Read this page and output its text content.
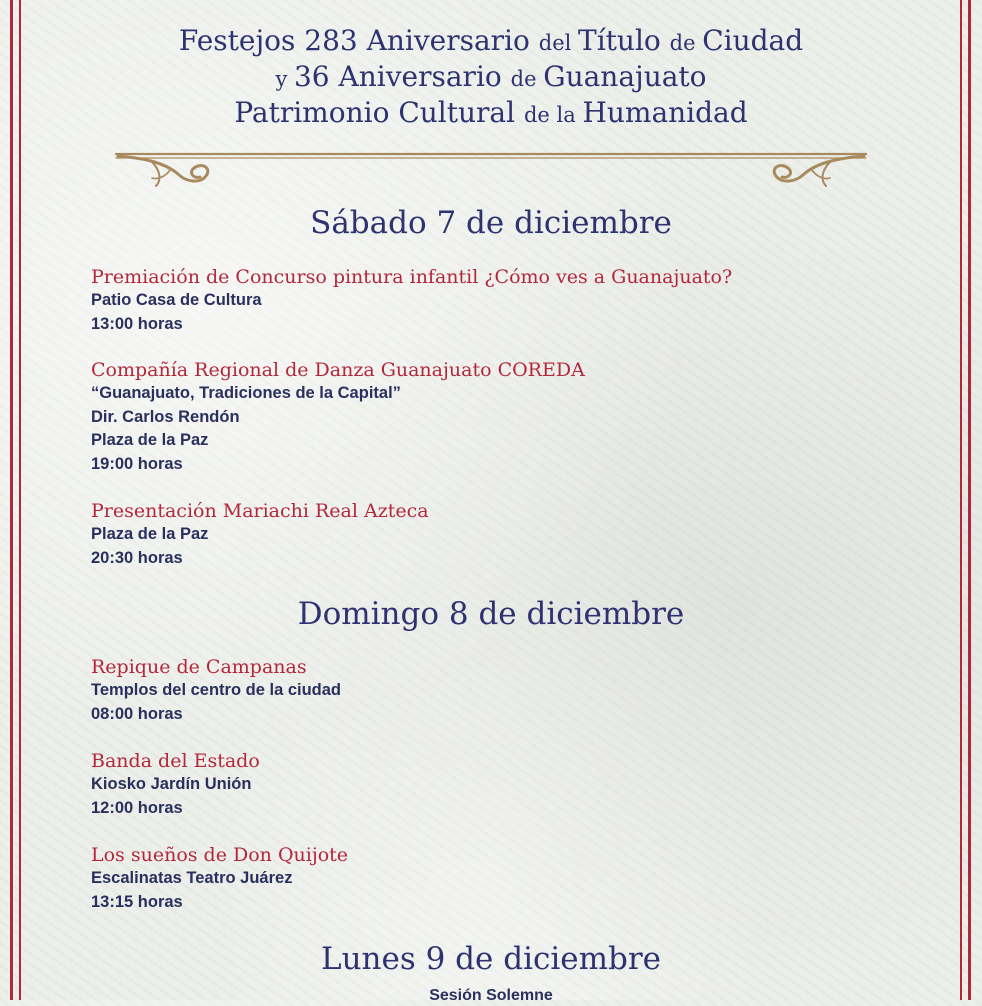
Festejos 283 Aniversario del Título de Ciudad
y 36 Aniversario de Guanajuato
Patrimonio Cultural de la Humanidad
Sábado 7 de diciembre
Premiación de Concurso pintura infantil ¿Cómo ves a Guanajuato?
Patio Casa de Cultura
13:00 horas
Compañía Regional de Danza Guanajuato COREDA
“Guanajuato, Tradiciones de la Capital”
Dir. Carlos Rendón
Plaza de la Paz
19:00 horas
Presentación Mariachi Real Azteca
Plaza de la Paz
20:30 horas
Domingo 8 de diciembre
Repique de Campanas
Templos del centro de la ciudad
08:00 horas
Banda del Estado
Kiosko Jardín Unión
12:00 horas
Los sueños de Don Quijote
Escalinatas Teatro Juárez
13:15 horas
Lunes 9 de diciembre
Sesión Solemne
